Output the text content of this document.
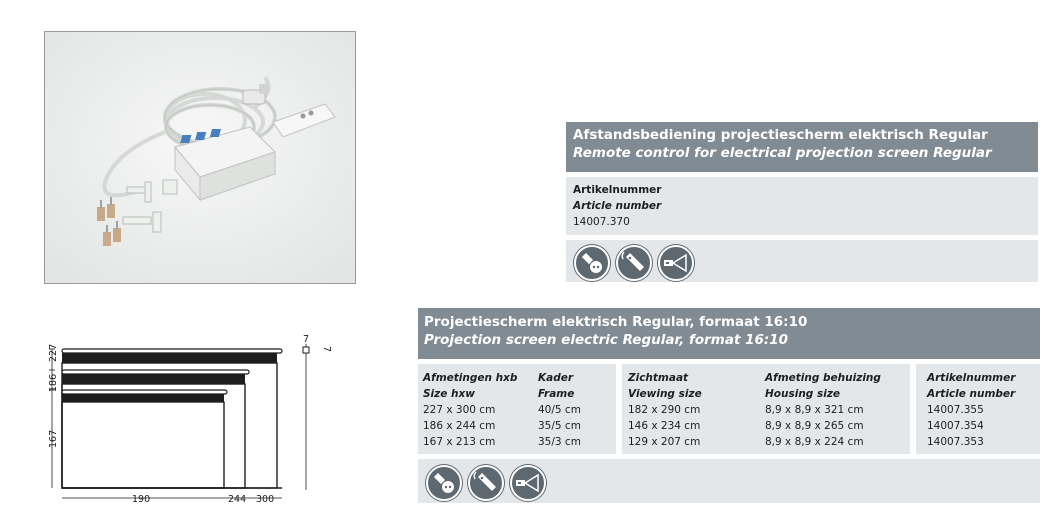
Afstandsbediening projectiescherm elektrisch Regular
Remote control for electrical projection screen Regular
Artikelnummer
Article number
14007.370
Projectiescherm elektrisch Regular, formaat 16:10
Projection screen electric Regular, format 16:10
Afmetingen hxb
Size hxw
227 x 300 cm
186 x 244 cm
167 x 213 cm
Kader
Frame
40/5 cm
35/5 cm
35/3 cm
Zichtmaat
Viewing size
182 x 290 cm
146 x 234 cm
129 x 207 cm
Afmeting behuizing
Housing size
8,9 x 8,9 x 321 cm
8,9 x 8,9 x 265 cm
8,9 x 8,9 x 224 cm
Artikelnummer
Article number
14007.355
14007.354
14007.353
227
186
167
190	244 300
7
7
